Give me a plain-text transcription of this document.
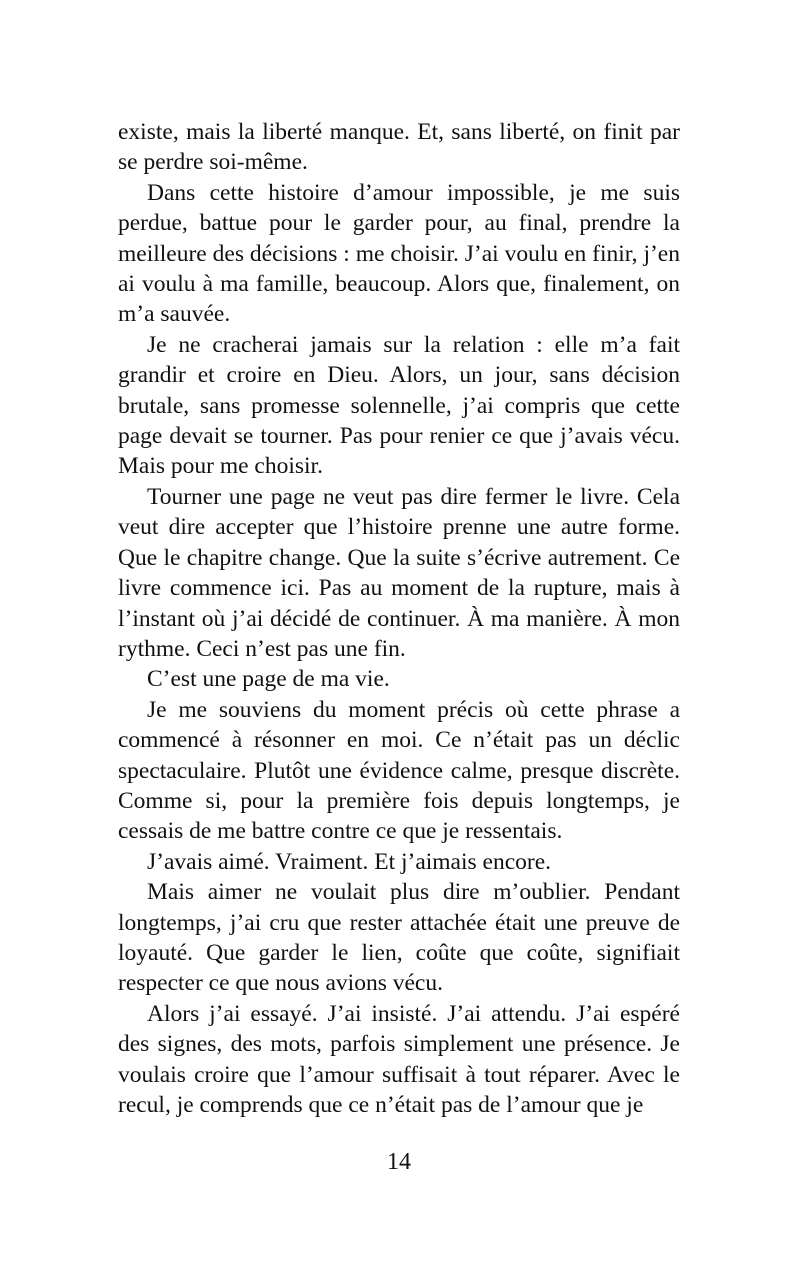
existe, mais la liberté manque. Et, sans liberté, on finit par se perdre soi-même.

Dans cette histoire d’amour impossible, je me suis perdue, battue pour le garder pour, au final, prendre la meilleure des décisions : me choisir. J’ai voulu en finir, j’en ai voulu à ma famille, beaucoup. Alors que, finalement, on m’a sauvée.

Je ne cracherai jamais sur la relation : elle m’a fait grandir et croire en Dieu. Alors, un jour, sans décision brutale, sans promesse solennelle, j’ai compris que cette page devait se tourner. Pas pour renier ce que j’avais vécu. Mais pour me choisir.

Tourner une page ne veut pas dire fermer le livre. Cela veut dire accepter que l’histoire prenne une autre forme. Que le chapitre change. Que la suite s’écrive autrement. Ce livre commence ici. Pas au moment de la rupture, mais à l’instant où j’ai décidé de continuer. À ma manière. À mon rythme. Ceci n’est pas une fin.

C’est une page de ma vie.

Je me souviens du moment précis où cette phrase a commencé à résonner en moi. Ce n’était pas un déclic spectaculaire. Plutôt une évidence calme, presque discrète. Comme si, pour la première fois depuis longtemps, je cessais de me battre contre ce que je ressentais.

J’avais aimé. Vraiment. Et j’aimais encore.

Mais aimer ne voulait plus dire m’oublier. Pendant longtemps, j’ai cru que rester attachée était une preuve de loyauté. Que garder le lien, coûte que coûte, signifiait respecter ce que nous avions vécu.

Alors j’ai essayé. J’ai insisté. J’ai attendu. J’ai espéré des signes, des mots, parfois simplement une présence. Je voulais croire que l’amour suffisait à tout réparer. Avec le recul, je comprends que ce n’était pas de l’amour que je

14
